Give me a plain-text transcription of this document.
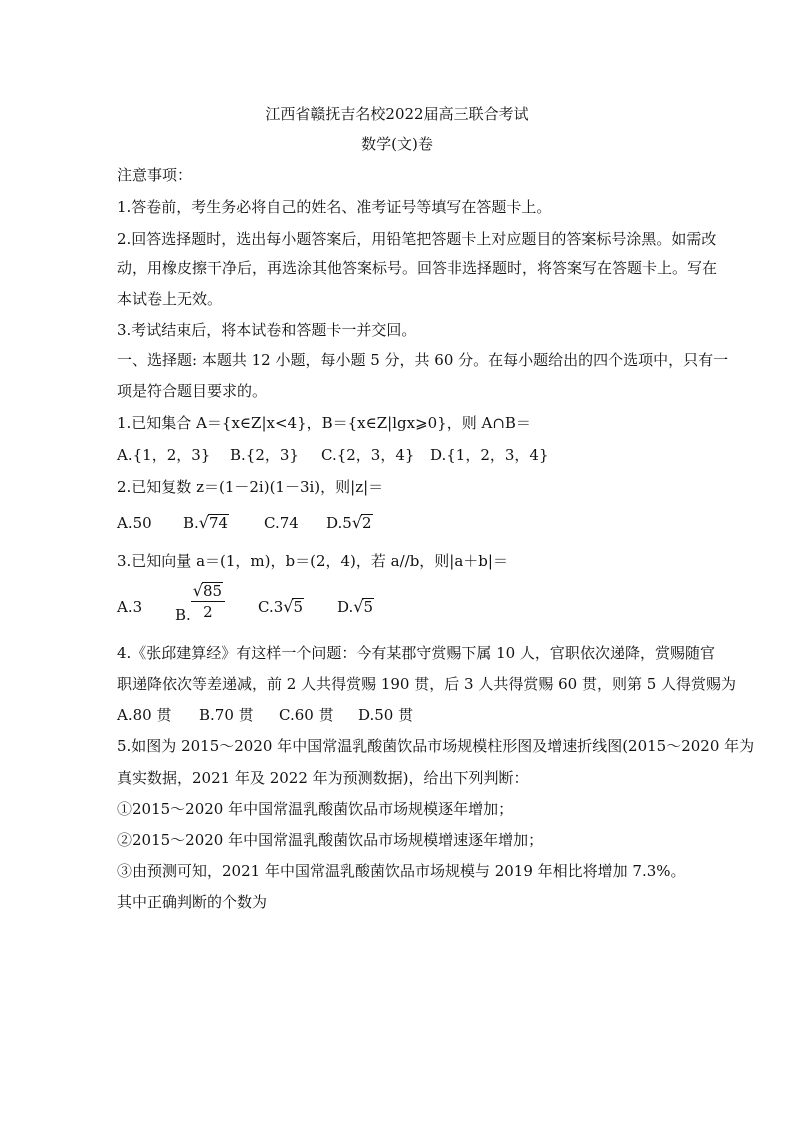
江西省赣抚吉名校2022届高三联合考试
数学(文)卷
注意事项：
1.答卷前，考生务必将自己的姓名、准考证号等填写在答题卡上。
2.回答选择题时，选出每小题答案后，用铅笔把答题卡上对应题目的答案标号涂黑。如需改
动，用橡皮擦干净后，再选涂其他答案标号。回答非选择题时，将答案写在答题卡上。写在
本试卷上无效。
3.考试结束后，将本试卷和答题卡一并交回。
一、选择题: 本题共 12 小题，每小题 5 分，共 60 分。在每小题给出的四个选项中，只有一
项是符合题目要求的。
1.已知集合 A＝{x∈Z|x<4}，B＝{x∈Z|lgx⩾0}，则 A∩B＝
A.{1，2，3} B.{2，3} C.{2，3，4} D.{1，2，3，4}
2.已知复数 z＝(1－2i)(1－3i)，则|z|＝
A.50 B.√74 C.74 D.5√2
3.已知向量 a＝(1，m)，b＝(2，4)，若 a//b，则|a＋b|＝
A.3 B. $\frac{√85}{2} C.3√5$ D.√5
4.《张邱建算经》有这样一个问题：今有某郡守赏赐下属 10 人，官职依次递降，赏赐随官
职递降依次等差递减，前 2 人共得赏赐 190 贯，后 3 人共得赏赐 60 贯，则第 5 人得赏赐为
A.80 贯 B.70 贯 C.60 贯 D.50 贯
5.如图为 2015～2020 年中国常温乳酸菌饮品市场规模柱形图及增速折线图(2015～2020 年为
真实数据，2021 年及 2022 年为预测数据)，给出下列判断：
①2015～2020 年中国常温乳酸菌饮品市场规模逐年增加；
②2015～2020 年中国常温乳酸菌饮品市场规模增速逐年增加；
③由预测可知，2021 年中国常温乳酸菌饮品市场规模与 2019 年相比将增加 7.3%。
其中正确判断的个数为
